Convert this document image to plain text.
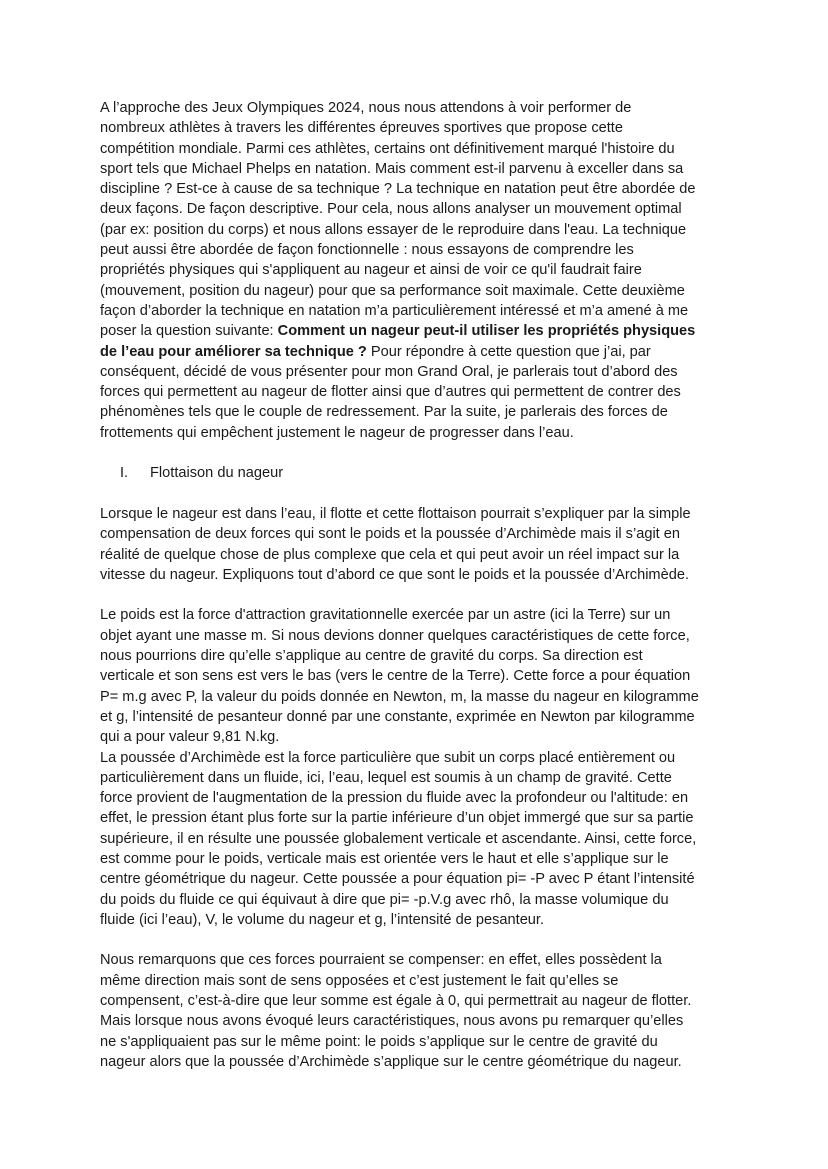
A l’approche des Jeux Olympiques 2024, nous nous attendons à voir performer de
nombreux athlètes à travers les différentes épreuves sportives que propose cette
compétition mondiale. Parmi ces athlètes, certains ont définitivement marqué l'histoire du
sport tels que Michael Phelps en natation. Mais comment est-il parvenu à exceller dans sa
discipline ? Est-ce à cause de sa technique ? La technique en natation peut être abordée de
deux façons. De façon descriptive. Pour cela, nous allons analyser un mouvement optimal
(par ex: position du corps) et nous allons essayer de le reproduire dans l'eau. La technique
peut aussi être abordée de façon fonctionnelle : nous essayons de comprendre les
propriétés physiques qui s'appliquent au nageur et ainsi de voir ce qu'il faudrait faire
(mouvement, position du nageur) pour que sa performance soit maximale. Cette deuxième
façon d’aborder la technique en natation m’a particulièrement intéressé et m’a amené à me
poser la question suivante: Comment un nageur peut-il utiliser les propriétés physiques
de l’eau pour améliorer sa technique ? Pour répondre à cette question que j’ai, par
conséquent, décidé de vous présenter pour mon Grand Oral, je parlerais tout d’abord des
forces qui permettent au nageur de flotter ainsi que d’autres qui permettent de contrer des
phénomènes tels que le couple de redressement. Par la suite, je parlerais des forces de
frottements qui empêchent justement le nageur de progresser dans l’eau.
I.	Flottaison du nageur
Lorsque le nageur est dans l’eau, il flotte et cette flottaison pourrait s’expliquer par la simple
compensation de deux forces qui sont le poids et la poussée d’Archimède mais il s’agit en
réalité de quelque chose de plus complexe que cela et qui peut avoir un réel impact sur la
vitesse du nageur. Expliquons tout d’abord ce que sont le poids et la poussée d’Archimède.
Le poids est la force d'attraction gravitationnelle exercée par un astre (ici la Terre) sur un
objet ayant une masse m. Si nous devions donner quelques caractéristiques de cette force,
nous pourrions dire qu’elle s’applique au centre de gravité du corps. Sa direction est
verticale et son sens est vers le bas (vers le centre de la Terre). Cette force a pour équation
P= m.g avec P, la valeur du poids donnée en Newton, m, la masse du nageur en kilogramme
et g, l’intensité de pesanteur donné par une constante, exprimée en Newton par kilogramme
qui a pour valeur 9,81 N.kg.
La poussée d’Archimède est la force particulière que subit un corps placé entièrement ou
particulièrement dans un fluide, ici, l’eau, lequel est soumis à un champ de gravité. Cette
force provient de l'augmentation de la pression du fluide avec la profondeur ou l'altitude: en
effet, le pression étant plus forte sur la partie inférieure d’un objet immergé que sur sa partie
supérieure, il en résulte une poussée globalement verticale et ascendante. Ainsi, cette force,
est comme pour le poids, verticale mais est orientée vers le haut et elle s’applique sur le
centre géométrique du nageur. Cette poussée a pour équation pi= -P avec P étant l’intensité
du poids du fluide ce qui équivaut à dire que pi= -p.V.g avec rhô, la masse volumique du
fluide (ici l’eau), V, le volume du nageur et g, l’intensité de pesanteur.
Nous remarquons que ces forces pourraient se compenser: en effet, elles possèdent la
même direction mais sont de sens opposées et c’est justement le fait qu’elles se
compensent, c’est-à-dire que leur somme est égale à 0, qui permettrait au nageur de flotter.
Mais lorsque nous avons évoqué leurs caractéristiques, nous avons pu remarquer qu’elles
ne s'appliquaient pas sur le même point: le poids s’applique sur le centre de gravité du
nageur alors que la poussée d’Archimède s’applique sur le centre géométrique du nageur.
